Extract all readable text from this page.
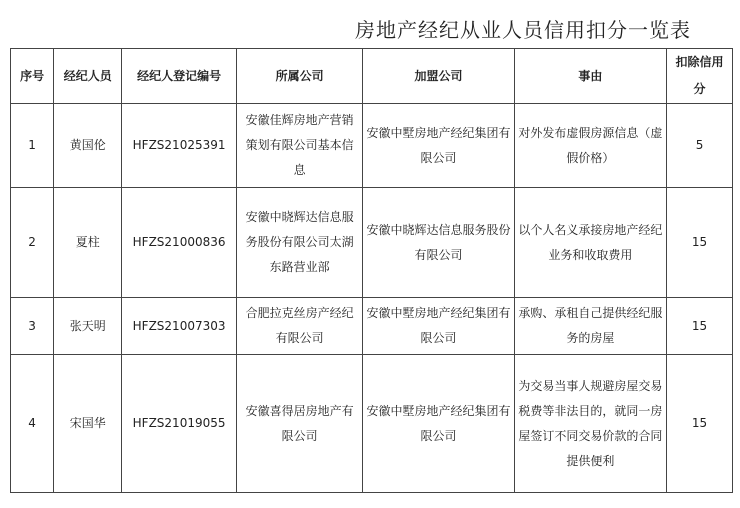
房地产经纪从业人员信用扣分一览表
序号	经纪人员	经纪人登记编号	所属公司	加盟公司	事由	扣除信用分
1	黄国伦	HFZS21025391	安徽佳辉房地产营销策划有限公司基本信息	安徽中墅房地产经纪集团有限公司	对外发布虚假房源信息（虚假价格）	5
2	夏柱	HFZS21000836	安徽中晓辉达信息服务股份有限公司太湖东路营业部	安徽中晓辉达信息服务股份有限公司	以个人名义承接房地产经纪业务和收取费用	15
3	张天明	HFZS21007303	合肥拉克丝房产经纪有限公司	安徽中墅房地产经纪集团有限公司	承购、承租自己提供经纪服务的房屋	15
4	宋国华	HFZS21019055	安徽喜得居房地产有限公司	安徽中墅房地产经纪集团有限公司	为交易当事人规避房屋交易税费等非法目的，就同一房屋签订不同交易价款的合同提供便利	15
